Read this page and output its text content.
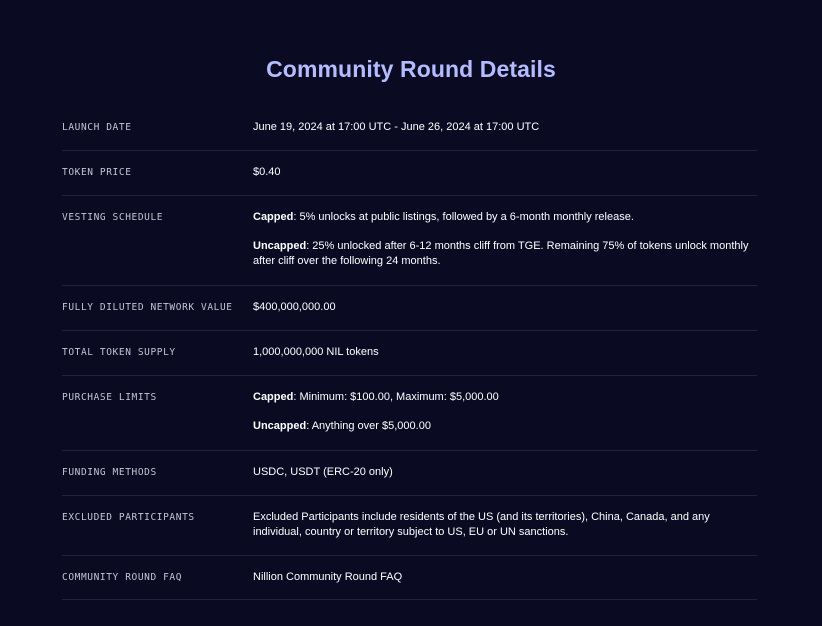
Community Round Details
LAUNCH DATE	June 19, 2024 at 17:00 UTC - June 26, 2024 at 17:00 UTC
TOKEN PRICE	$0.40
VESTING SCHEDULE	Capped: 5% unlocks at public listings, followed by a 6-month monthly release.

Uncapped: 25% unlocked after 6-12 months cliff from TGE. Remaining 75% of tokens unlock monthly after cliff over the following 24 months.

FULLY DILUTED NETWORK VALUE	$400,000,000.00
TOTAL TOKEN SUPPLY	1,000,000,000 NIL tokens
PURCHASE LIMITS	Capped: Minimum: $100.00, Maximum: $5,000.00

Uncapped: Anything over $5,000.00

FUNDING METHODS	USDC, USDT (ERC-20 only)
EXCLUDED PARTICIPANTS	Excluded Participants include residents of the US (and its territories), China, Canada, and any individual, country or territory subject to US, EU or UN sanctions.
COMMUNITY ROUND FAQ	Nillion Community Round FAQ
